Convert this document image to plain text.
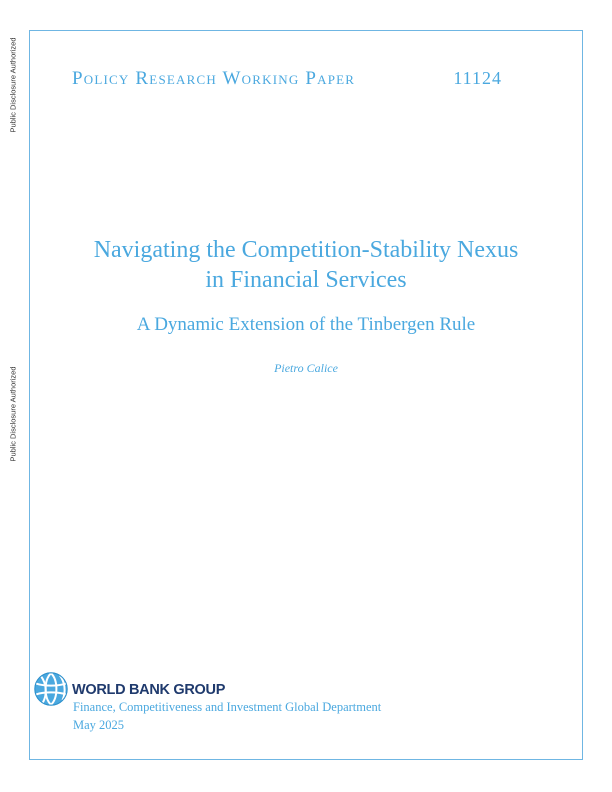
Public Disclosure Authorized
Public Disclosure Authorized
Policy Research Working Paper	11124
Navigating the Competition-Stability Nexus
in Financial Services
A Dynamic Extension of the Tinbergen Rule
Pietro Calice
WORLD BANK GROUP
Finance, Competitiveness and Investment Global Department
May 2025
